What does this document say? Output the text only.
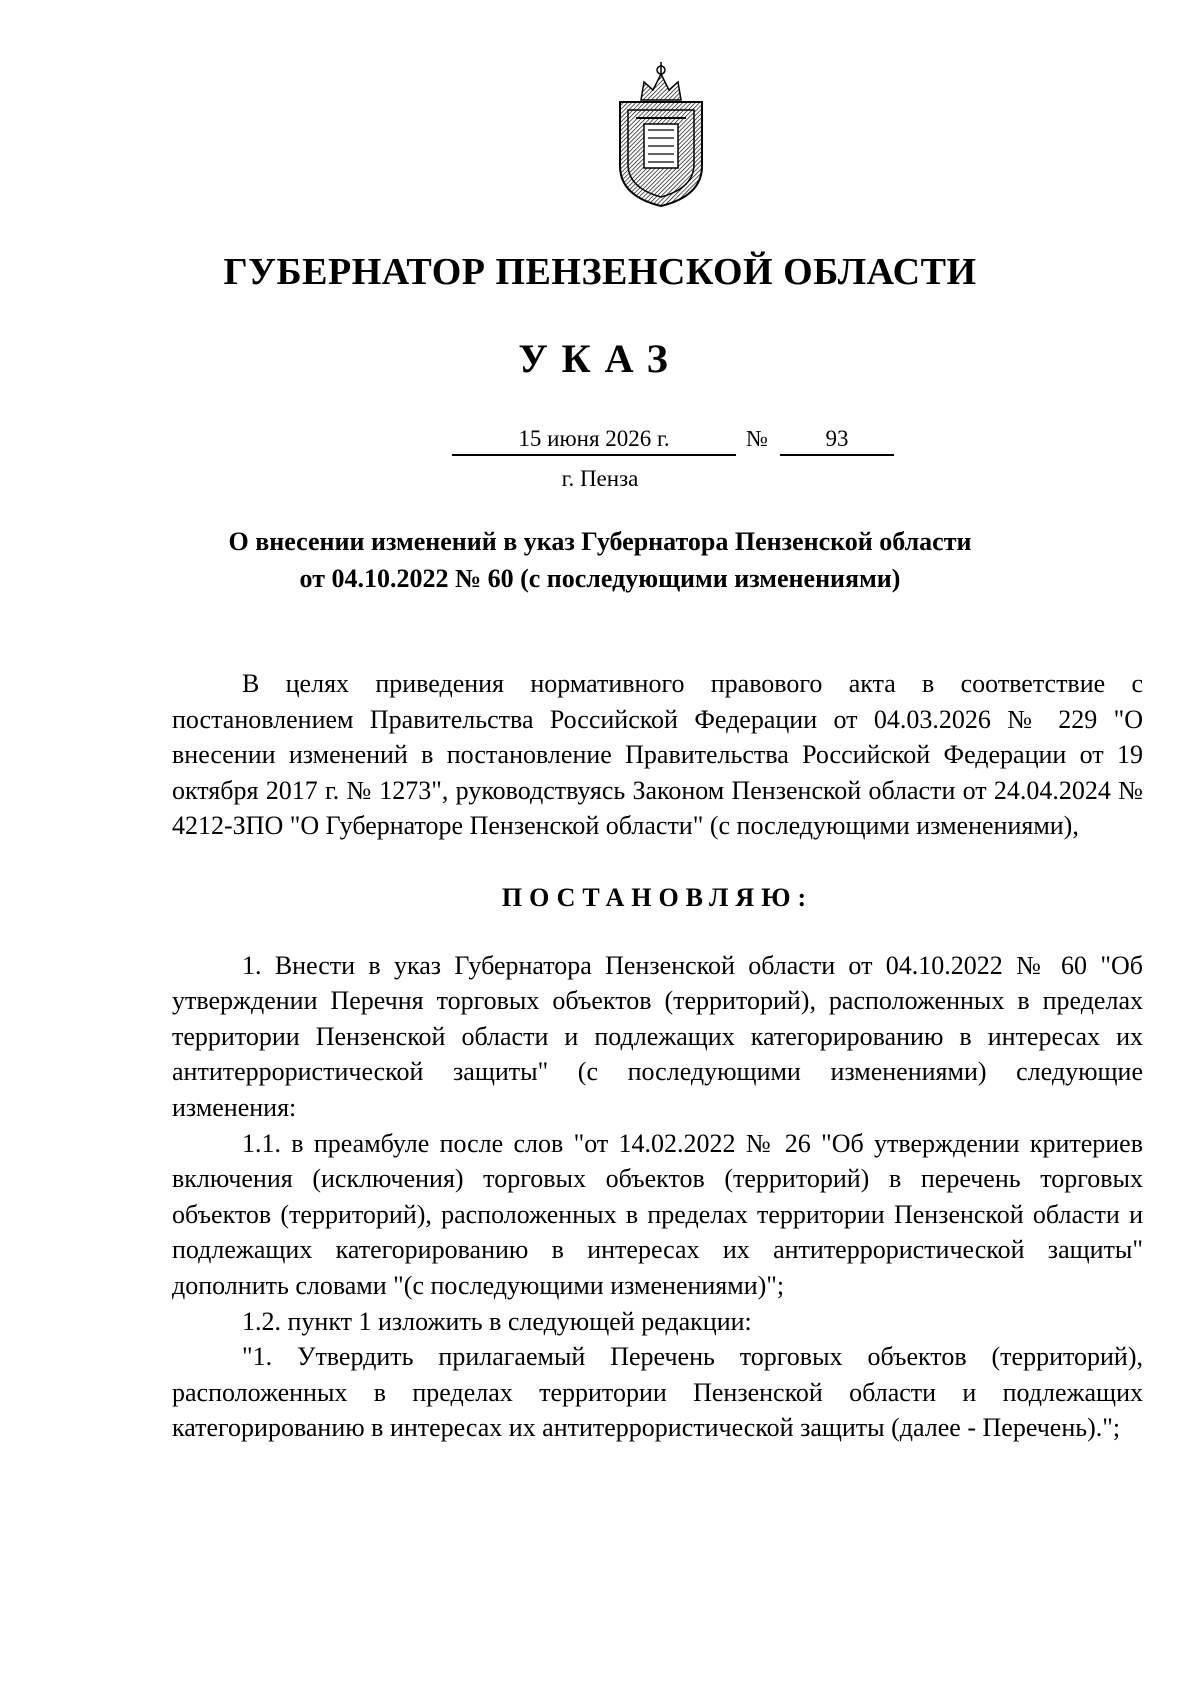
ГУБЕРНАТОР ПЕНЗЕНСКОЙ ОБЛАСТИ
УКАЗ
15 июня 2026 г.	№	93
г. Пенза
О внесении изменений в указ Губернатора Пензенской области
от 04.10.2022 № 60 (с последующими изменениями)

В целях приведения нормативного правового акта в соответствие с постановлением Правительства Российской Федерации от 04.03.2026 № 229 "О внесении изменений в постановление Правительства Российской Федерации от 19 октября 2017 г. № 1273", руководствуясь Законом Пензенской области от 24.04.2024 № 4212-ЗПО "О Губернаторе Пензенской области" (с последующими изменениями),

ПОСТАНОВЛЯЮ:

1. Внести в указ Губернатора Пензенской области от 04.10.2022 № 60 "Об утверждении Перечня торговых объектов (территорий), расположенных в пределах территории Пензенской области и подлежащих категорированию в интересах их антитеррористической защиты" (с последующими изменениями) следующие изменения:

1.1. в преамбуле после слов "от 14.02.2022 № 26 "Об утверждении критериев включения (исключения) торговых объектов (территорий) в перечень торговых объектов (территорий), расположенных в пределах территории Пензенской области и подлежащих категорированию в интересах их антитеррористической защиты" дополнить словами "(с последующими изменениями)";

1.2. пункт 1 изложить в следующей редакции:

"1. Утвердить прилагаемый Перечень торговых объектов (территорий), расположенных в пределах территории Пензенской области и подлежащих категорированию в интересах их антитеррористической защиты (далее - Перечень).";
